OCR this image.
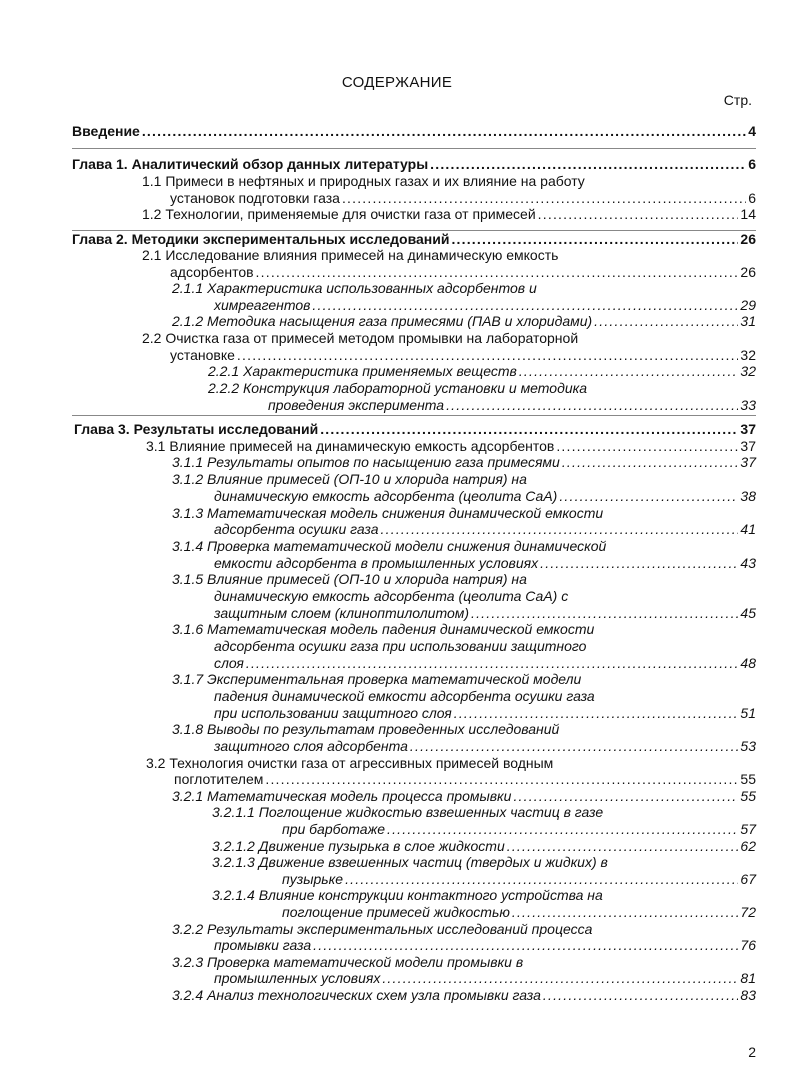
СОДЕРЖАНИЕ
Стр.
Введение .....	4
Глава 1. Аналитический обзор данных литературы .....	6
1.1 Примеси в нефтяных и природных газах и их влияние на работу
установок подготовки газа .....	6
1.2 Технологии, применяемые для очистки газа от примесей .....	14
Глава 2. Методики экспериментальных исследований .....	26
2.1 Исследование влияния примесей на динамическую емкость
адсорбентов .....	26
2.1.1 Характеристика использованных адсорбентов и
химреагентов .....	29
2.1.2 Методика насыщения газа примесями (ПАВ и хлоридами) .....	31
2.2 Очистка газа от примесей методом промывки на лабораторной
установке .....	32
2.2.1 Характеристика применяемых веществ .....	32
2.2.2 Конструкция лабораторной установки и методика
проведения эксперимента .....	33
Глава 3. Результаты исследований .....	37
3.1 Влияние примесей на динамическую емкость адсорбентов .....	37
3.1.1 Результаты опытов по насыщению газа примесями .....	37
3.1.2 Влияние примесей (ОП-10 и хлорида натрия) на
динамическую емкость адсорбента (цеолита СаА) .....	38
3.1.3 Математическая модель снижения динамической емкости
адсорбента осушки газа .....	41
3.1.4 Проверка математической модели снижения динамической
емкости адсорбента в промышленных условиях .....	43
3.1.5 Влияние примесей (ОП-10 и хлорида натрия) на
динамическую емкость адсорбента (цеолита СаА) с
защитным слоем (клиноптилолитом) .....	45
3.1.6 Математическая модель падения динамической емкости
адсорбента осушки газа при использовании защитного
слоя .....	48
3.1.7 Экспериментальная проверка математической модели
падения динамической емкости адсорбента осушки газа
при использовании защитного слоя .....	51
3.1.8 Выводы по результатам проведенных исследований
защитного слоя адсорбента .....	53
3.2 Технология очистки газа от агрессивных примесей водным
поглотителем .....	55
3.2.1 Математическая модель процесса промывки .....	55
3.2.1.1 Поглощение жидкостью взвешенных частиц в газе
при барботаже .....	57
3.2.1.2 Движение пузырька в слое жидкости .....	62
3.2.1.3 Движение взвешенных частиц (твердых и жидких) в
пузырьке .....	67
3.2.1.4 Влияние конструкции контактного устройства на
поглощение примесей жидкостью .....	72
3.2.2 Результаты экспериментальных исследований процесса
промывки газа .....	76
3.2.3 Проверка математической модели промывки в
промышленных условиях .....	81
3.2.4 Анализ технологических схем узла промывки газа .....	83
2
